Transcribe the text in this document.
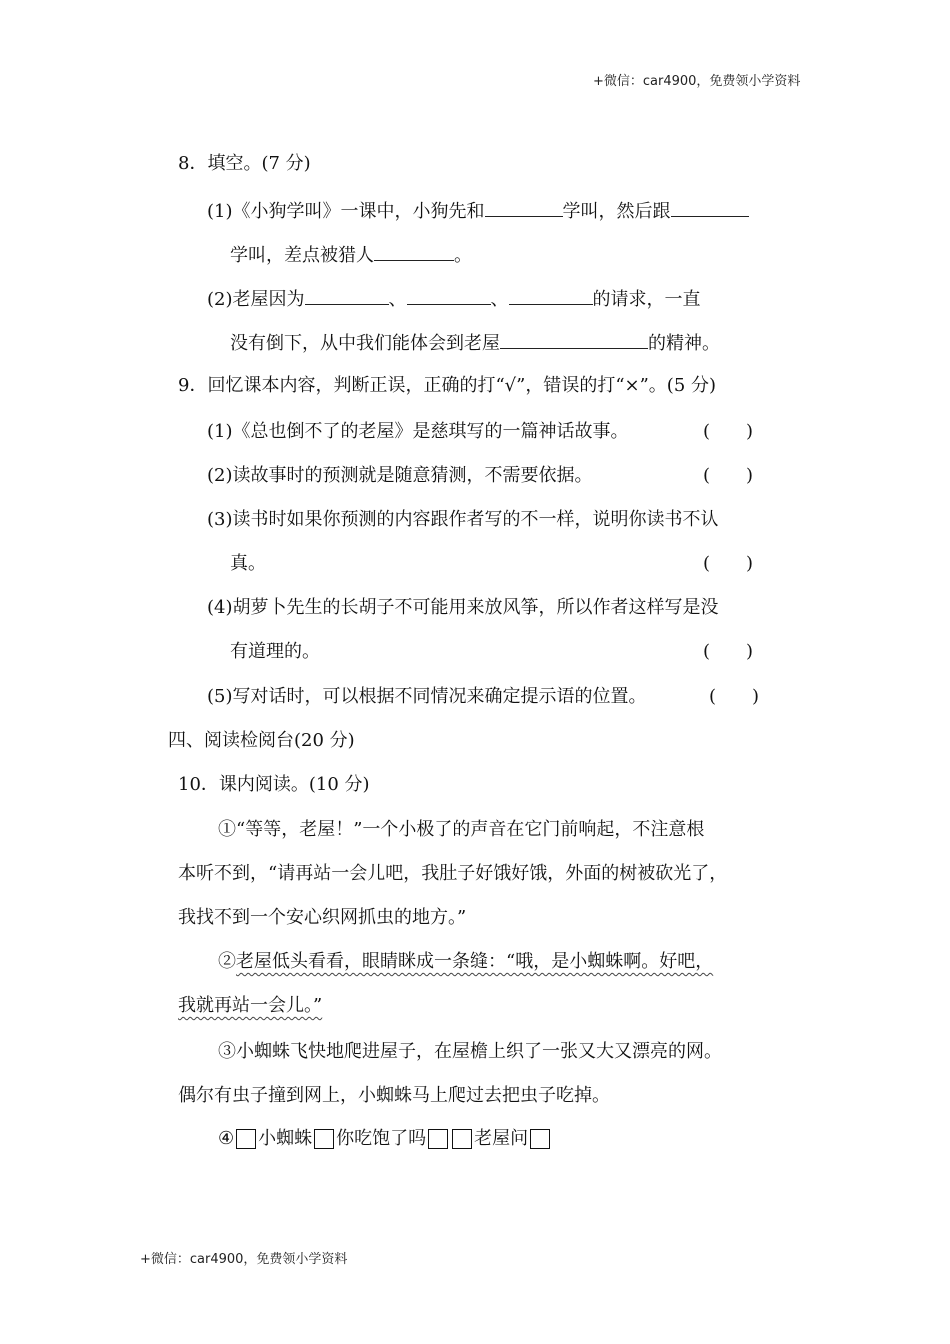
+微信：car4900，免费领小学资料
+微信：car4900，免费领小学资料
8．填空。(7 分)
(1)《小狗学叫》一课中，小狗先和	学叫，然后跟
学叫，差点被猎人	。
(2)老屋因为	、	、	的请求，一直
没有倒下，从中我们能体会到老屋	的精神。
9．回忆课本内容，判断正误，正确的打“√”，错误的打“×”。(5 分)
(1)《总也倒不了的老屋》是慈琪写的一篇神话故事。	(　　)
(2)读故事时的预测就是随意猜测，不需要依据。	(　　)
(3)读书时如果你预测的内容跟作者写的不一样，说明你读书不认
真。	(　　)
(4)胡萝卜先生的长胡子不可能用来放风筝，所以作者这样写是没
有道理的。	(　　)
(5)写对话时，可以根据不同情况来确定提示语的位置。	(　　)
四、阅读检阅台(20 分)
10．课内阅读。(10 分)
①“等等，老屋！”一个小极了的声音在它门前响起，不注意根
本听不到，“请再站一会儿吧，我肚子好饿好饿，外面的树被砍光了，
我找不到一个安心织网抓虫的地方。”
②老屋低头看看，眼睛眯成一条缝：“哦，是小蜘蛛啊。好吧，
我就再站一会儿。”
③小蜘蛛飞快地爬进屋子，在屋檐上织了一张又大又漂亮的网。
偶尔有虫子撞到网上，小蜘蛛马上爬过去把虫子吃掉。
④ 小蜘蛛 你吃饱了吗	老屋问
